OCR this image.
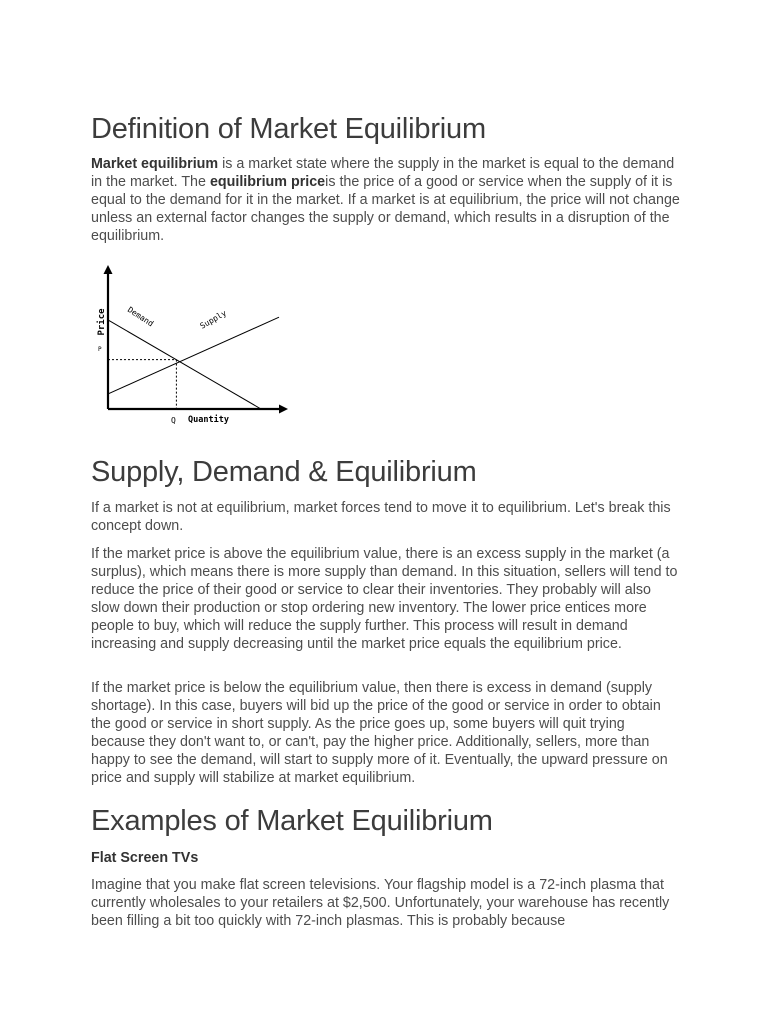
Definition of Market Equilibrium

Market equilibrium is a market state where the supply in the market is equal to the demand in the market. The equilibrium priceis the price of a good or service when the supply of it is equal to the demand for it in the market. If a market is at equilibrium, the price will not change unless an external factor changes the supply or demand, which results in a disruption of the equilibrium.

Price
Quantity
P
Q
Demand	Supply
Supply, Demand & Equilibrium

If a market is not at equilibrium, market forces tend to move it to equilibrium. Let's break this concept down.

If the market price is above the equilibrium value, there is an excess supply in the market (a surplus), which means there is more supply than demand. In this situation, sellers will tend to reduce the price of their good or service to clear their inventories. They probably will also slow down their production or stop ordering new inventory. The lower price entices more people to buy, which will reduce the supply further. This process will result in demand increasing and supply decreasing until the market price equals the equilibrium price.

If the market price is below the equilibrium value, then there is excess in demand (supply shortage). In this case, buyers will bid up the price of the good or service in order to obtain the good or service in short supply. As the price goes up, some buyers will quit trying because they don't want to, or can't, pay the higher price. Additionally, sellers, more than happy to see the demand, will start to supply more of it. Eventually, the upward pressure on price and supply will stabilize at market equilibrium.

Examples of Market Equilibrium
Flat Screen TVs

Imagine that you make flat screen televisions. Your flagship model is a 72-inch plasma that currently wholesales to your retailers at $2,500. Unfortunately, your warehouse has recently been filling a bit too quickly with 72-inch plasmas. This is probably because
